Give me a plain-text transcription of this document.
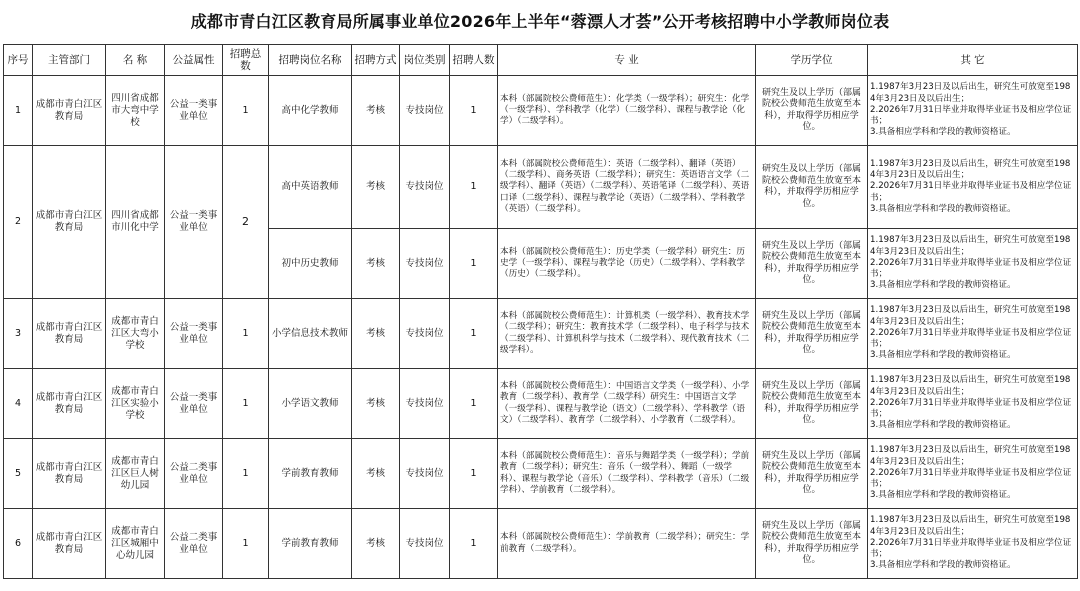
成都市青白江区教育局所属事业单位2026年上半年“蓉漂人才荟”公开考核招聘中小学教师岗位表
序号	主管部门	名 称	公益属性	招聘总数	招聘岗位名称	招聘方式	岗位类别	招聘人数	专 业	学历学位	其 它
1	成都市青白江区教育局	四川省成都市大弯中学校	公益一类事业单位	1	高中化学教师	考核	专技岗位	1	本科（部属院校公费师范生）：化学类（一级学科）；研究生：化学（一级学科）、学科教学（化学）（二级学科）、课程与教学论（化学）（二级学科）。	研究生及以上学历（部属院校公费师范生放宽至本科），并取得学历相应学位。	1.1987年3月23日及以后出生，研究生可放宽至1984年3月23日及以后出生；
2.2026年7月31日毕业并取得毕业证书及相应学位证书；
3.具备相应学科和学段的教师资格证。

2	成都市青白江区教育局	四川省成都市川化中学	公益一类事业单位	2	高中英语教师	考核	专技岗位	1	本科（部属院校公费师范生）：英语（二级学科）、翻译（英语）（二级学科）、商务英语（二级学科）；研究生：英语语言文学（二级学科）、翻译（英语）（二级学科）、英语笔译（二级学科）、英语口译（二级学科）、课程与教学论（英语）（二级学科）、学科教学（英语）（二级学科）。	研究生及以上学历（部属院校公费师范生放宽至本科），并取得学历相应学位。	1.1987年3月23日及以后出生，研究生可放宽至1984年3月23日及以后出生；
2.2026年7月31日毕业并取得毕业证书及相应学位证书；
3.具备相应学科和学段的教师资格证。

					初中历史教师	考核	专技岗位	1	本科（部属院校公费师范生）：历史学类（一级学科）研究生：历史学（一级学科）、课程与教学论（历史）（二级学科）、学科教学（历史）（二级学科）。	研究生及以上学历（部属院校公费师范生放宽至本科），并取得学历相应学位。	1.1987年3月23日及以后出生，研究生可放宽至1984年3月23日及以后出生；
2.2026年7月31日毕业并取得毕业证书及相应学位证书；
3.具备相应学科和学段的教师资格证。

3	成都市青白江区教育局	成都市青白江区大弯小学校	公益一类事业单位	1	小学信息技术教师	考核	专技岗位	1	本科（部属院校公费师范生）：计算机类（一级学科）、教育技术学（二级学科）；研究生：教育技术学（二级学科）、电子科学与技术（二级学科）、计算机科学与技术（二级学科）、现代教育技术（二级学科）。	研究生及以上学历（部属院校公费师范生放宽至本科），并取得学历相应学位。	1.1987年3月23日及以后出生，研究生可放宽至1984年3月23日及以后出生；
2.2026年7月31日毕业并取得毕业证书及相应学位证书；
3.具备相应学科和学段的教师资格证。

4	成都市青白江区教育局	成都市青白江区实验小学校	公益一类事业单位	1	小学语文教师	考核	专技岗位	1	本科（部属院校公费师范生）：中国语言文学类（一级学科）、小学教育（二级学科）、教育学（二级学科）研究生：中国语言文学（一级学科）、课程与教学论（语文）（二级学科）、学科教学（语文）（二级学科）、教育学（二级学科）、小学教育（二级学科）。	研究生及以上学历（部属院校公费师范生放宽至本科），并取得学历相应学位。	1.1987年3月23日及以后出生，研究生可放宽至1984年3月23日及以后出生；
2.2026年7月31日毕业并取得毕业证书及相应学位证书；
3.具备相应学科和学段的教师资格证。

5	成都市青白江区教育局	成都市青白江区巨人树幼儿园	公益二类事业单位	1	学前教育教师	考核	专技岗位	1	本科（部属院校公费师范生）：音乐与舞蹈学类（一级学科）；学前教育（二级学科）；研究生：音乐（一级学科）、舞蹈（一级学科）、课程与教学论（音乐）（二级学科）、学科教学（音乐）（二级学科）、学前教育（二级学科）。	研究生及以上学历（部属院校公费师范生放宽至本科），并取得学历相应学位。	1.1987年3月23日及以后出生，研究生可放宽至1984年3月23日及以后出生；
2.2026年7月31日毕业并取得毕业证书及相应学位证书；
3.具备相应学科和学段的教师资格证。

6	成都市青白江区教育局	成都市青白江区城厢中心幼儿园	公益二类事业单位	1	学前教育教师	考核	专技岗位	1	本科（部属院校公费师范生）：学前教育（二级学科）；研究生：学前教育（二级学科）。	研究生及以上学历（部属院校公费师范生放宽至本科），并取得学历相应学位。	1.1987年3月23日及以后出生，研究生可放宽至1984年3月23日及以后出生；
2.2026年7月31日毕业并取得毕业证书及相应学位证书；
3.具备相应学科和学段的教师资格证。
